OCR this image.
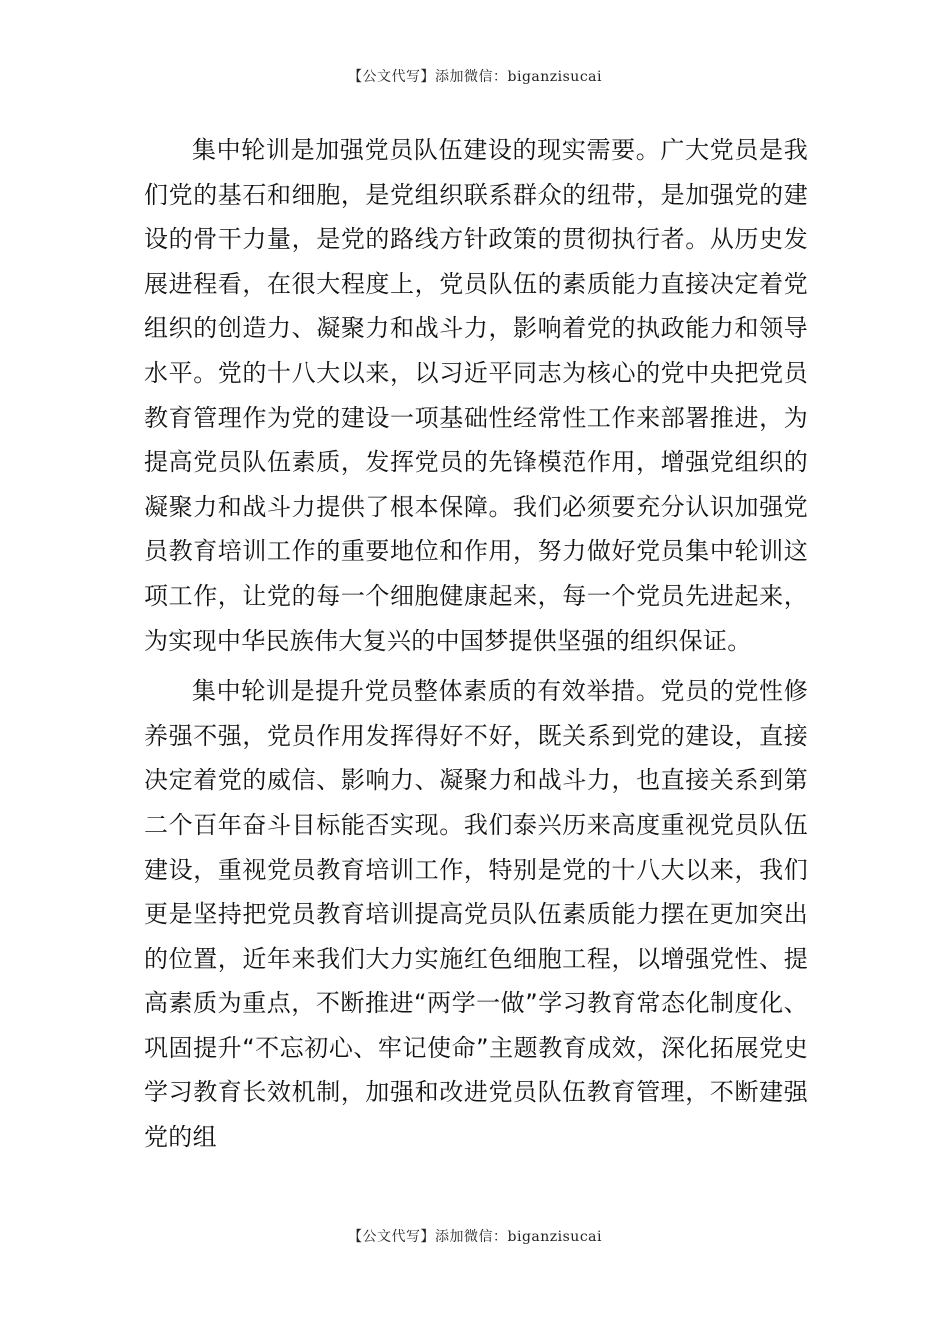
【公文代写】添加微信：biganzisucai

集中轮训是加强党员队伍建设的现实需要。广大党员是我们党的基石和细胞，是党组织联系群众的纽带，是加强党的建设的骨干力量，是党的路线方针政策的贯彻执行者。从历史发展进程看，在很大程度上，党员队伍的素质能力直接决定着党组织的创造力、凝聚力和战斗力，影响着党的执政能力和领导水平。党的十八大以来，以习近平同志为核心的党中央把党员教育管理作为党的建设一项基础性经常性工作来部署推进，为提高党员队伍素质，发挥党员的先锋模范作用，增强党组织的凝聚力和战斗力提供了根本保障。我们必须要充分认识加强党员教育培训工作的重要地位和作用，努力做好党员集中轮训这项工作，让党的每一个细胞健康起来，每一个党员先进起来，为实现中华民族伟大复兴的中国梦提供坚强的组织保证。

集中轮训是提升党员整体素质的有效举措。党员的党性修养强不强，党员作用发挥得好不好，既关系到党的建设，直接决定着党的威信、影响力、凝聚力和战斗力，也直接关系到第二个百年奋斗目标能否实现。我们泰兴历来高度重视党员队伍建设，重视党员教育培训工作，特别是党的十八大以来，我们更是坚持把党员教育培训提高党员队伍素质能力摆在更加突出的位置，近年来我们大力实施红色细胞工程，以增强党性、提高素质为重点，不断推进“两学一做”学习教育常态化制度化、巩固提升“不忘初心、牢记使命”主题教育成效，深化拓展党史学习教育长效机制，加强和改进党员队伍教育管理，不断建强党的组

【公文代写】添加微信：biganzisucai
